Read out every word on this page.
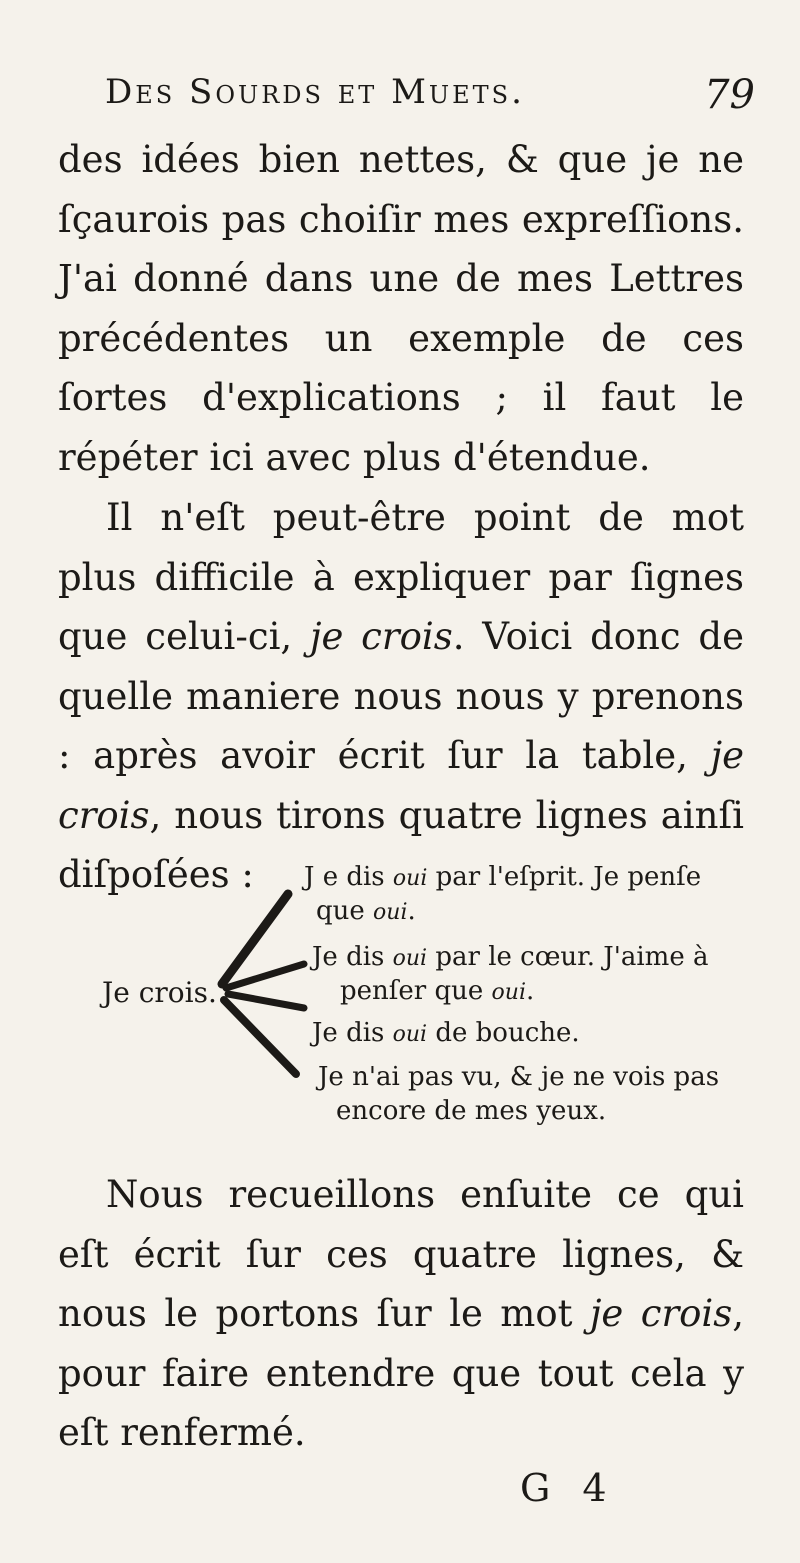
Des Sourds et Muets.	79

des idées bien nettes, & que je ne ſçaurois pas choiſir mes expreſſions. J'ai donné dans une de mes Lettres précédentes un exemple de ces ſortes d'explications ; il faut le répéter ici avec plus d'étendue.

Il n'eſt peut-être point de mot plus difficile à expliquer par ſignes que celui-ci, je crois. Voici donc de quelle maniere nous nous y prenons : après avoir écrit ſur la table, je crois, nous tirons quatre lignes ainſi diſpoſées :

Je crois.
J e dis oui par l'eſprit. Je penſe
que oui.
Je dis oui par le cœur. J'aime à
penſer que oui.
Je dis oui de bouche.
Je n'ai pas vu, & je ne vois pas
encore de mes yeux.

Nous recueillons enſuite ce qui eſt écrit ſur ces quatre lignes, & nous le portons ſur le mot je crois, pour faire entendre que tout cela y eſt renfermé.

G 4
